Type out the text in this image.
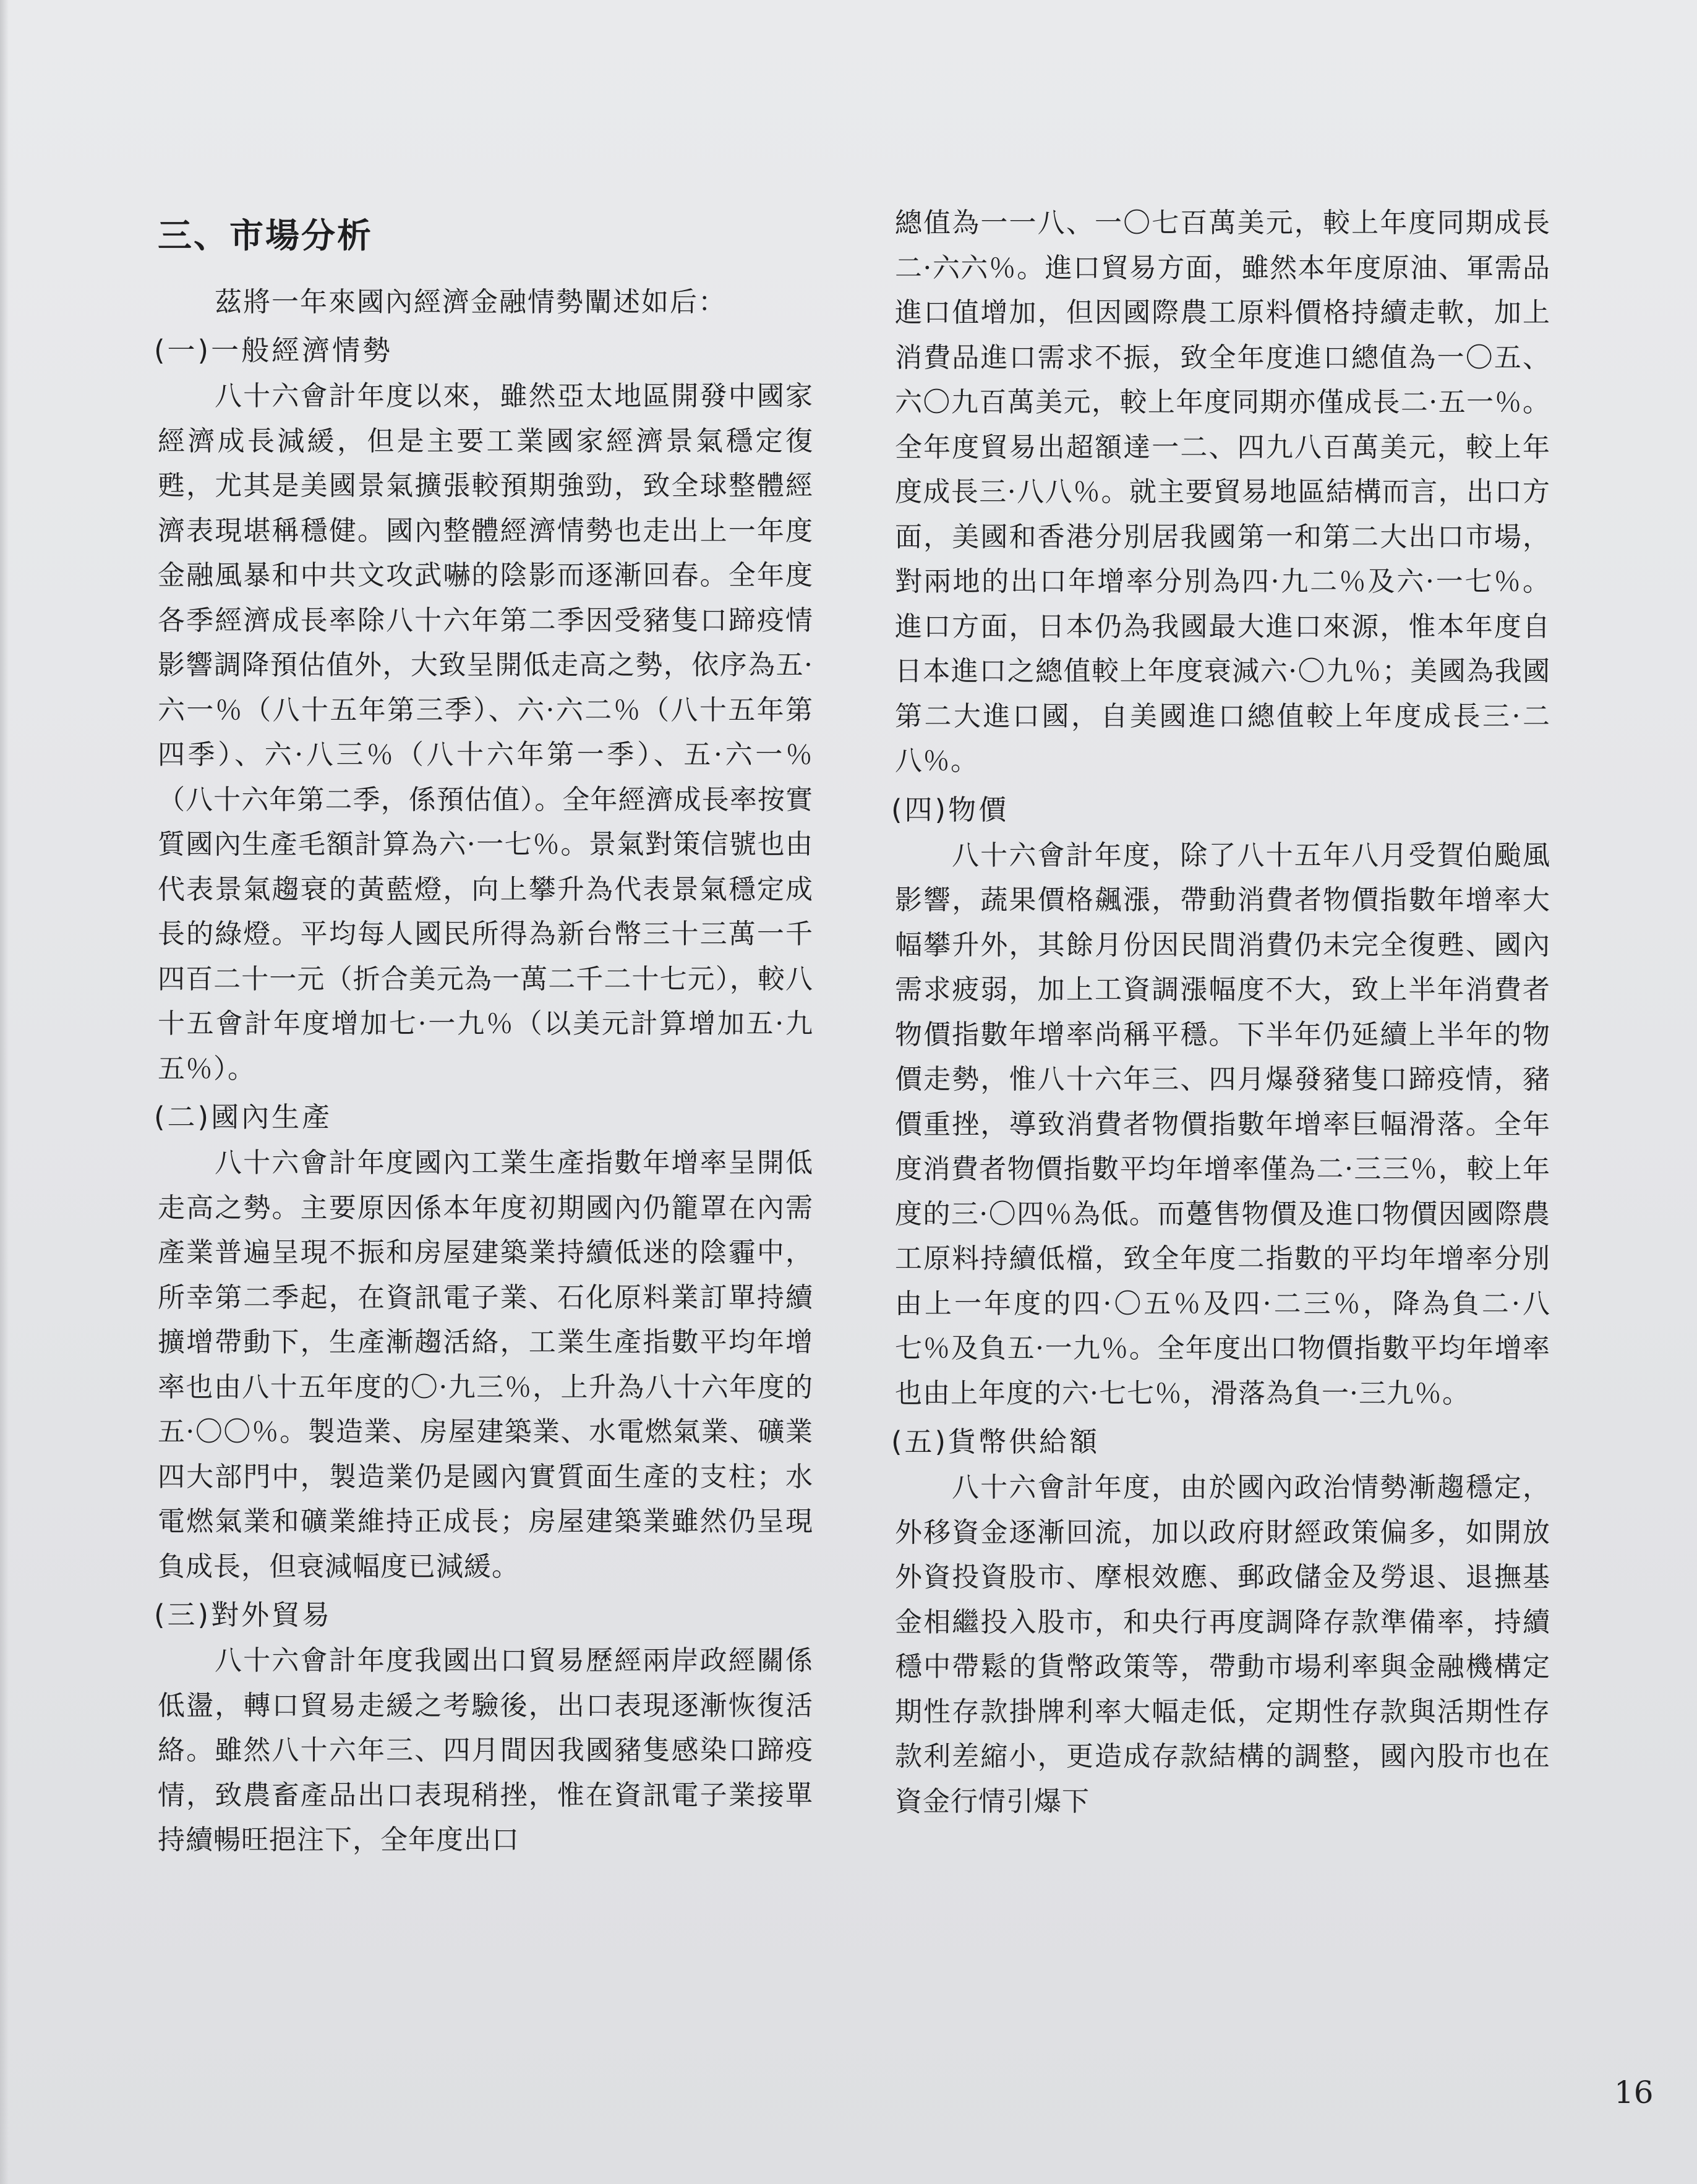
三、市場分析

茲將一年來國內經濟金融情勢闡述如后：

(一)一般經濟情勢

八十六會計年度以來，雖然亞太地區開發中國家經濟成長減緩，但是主要工業國家經濟景氣穩定復甦，尤其是美國景氣擴張較預期強勁，致全球整體經濟表現堪稱穩健。國內整體經濟情勢也走出上一年度金融風暴和中共文攻武嚇的陰影而逐漸回春。全年度各季經濟成長率除八十六年第二季因受豬隻口蹄疫情影響調降預估值外，大致呈開低走高之勢，依序為五·六一％（八十五年第三季）、六·六二％（八十五年第四季）、六·八三％（八十六年第一季）、五·六一％（八十六年第二季，係預估值）。全年經濟成長率按實質國內生產毛額計算為六·一七％。景氣對策信號也由代表景氣趨衰的黃藍燈，向上攀升為代表景氣穩定成長的綠燈。平均每人國民所得為新台幣三十三萬一千四百二十一元（折合美元為一萬二千二十七元），較八十五會計年度增加七·一九％（以美元計算增加五·九五％）。

(二)國內生產

八十六會計年度國內工業生產指數年增率呈開低走高之勢。主要原因係本年度初期國內仍籠罩在內需產業普遍呈現不振和房屋建築業持續低迷的陰霾中，所幸第二季起，在資訊電子業、石化原料業訂單持續擴增帶動下，生產漸趨活絡，工業生產指數平均年增率也由八十五年度的〇·九三％，上升為八十六年度的五·〇〇％。製造業、房屋建築業、水電燃氣業、礦業四大部門中，製造業仍是國內實質面生產的支柱；水電燃氣業和礦業維持正成長；房屋建築業雖然仍呈現負成長，但衰減幅度已減緩。

(三)對外貿易

八十六會計年度我國出口貿易歷經兩岸政經關係低盪，轉口貿易走緩之考驗後，出口表現逐漸恢復活絡。雖然八十六年三、四月間因我國豬隻感染口蹄疫情，致農畜產品出口表現稍挫，惟在資訊電子業接單持續暢旺挹注下，全年度出口

總值為一一八、一〇七百萬美元，較上年度同期成長二·六六％。進口貿易方面，雖然本年度原油、軍需品進口值增加，但因國際農工原料價格持續走軟，加上消費品進口需求不振，致全年度進口總值為一〇五、六〇九百萬美元，較上年度同期亦僅成長二·五一％。全年度貿易出超額達一二、四九八百萬美元，較上年度成長三·八八％。就主要貿易地區結構而言，出口方面，美國和香港分別居我國第一和第二大出口市場，對兩地的出口年增率分別為四·九二％及六·一七％。進口方面，日本仍為我國最大進口來源，惟本年度自日本進口之總值較上年度衰減六·〇九％；美國為我國第二大進口國，自美國進口總值較上年度成長三·二八％。

(四)物價

八十六會計年度，除了八十五年八月受賀伯颱風影響，蔬果價格飆漲，帶動消費者物價指數年增率大幅攀升外，其餘月份因民間消費仍未完全復甦、國內需求疲弱，加上工資調漲幅度不大，致上半年消費者物價指數年增率尚稱平穩。下半年仍延續上半年的物價走勢，惟八十六年三、四月爆發豬隻口蹄疫情，豬價重挫，導致消費者物價指數年增率巨幅滑落。全年度消費者物價指數平均年增率僅為二·三三％，較上年度的三·〇四％為低。而躉售物價及進口物價因國際農工原料持續低檔，致全年度二指數的平均年增率分別由上一年度的四·〇五％及四·二三％，降為負二·八七％及負五·一九％。全年度出口物價指數平均年增率也由上年度的六·七七％，滑落為負一·三九％。

(五)貨幣供給額

八十六會計年度，由於國內政治情勢漸趨穩定，外移資金逐漸回流，加以政府財經政策偏多，如開放外資投資股市、摩根效應、郵政儲金及勞退、退撫基金相繼投入股市，和央行再度調降存款準備率，持續穩中帶鬆的貨幣政策等，帶動市場利率與金融機構定期性存款掛牌利率大幅走低，定期性存款與活期性存款利差縮小，更造成存款結構的調整，國內股市也在資金行情引爆下

16
